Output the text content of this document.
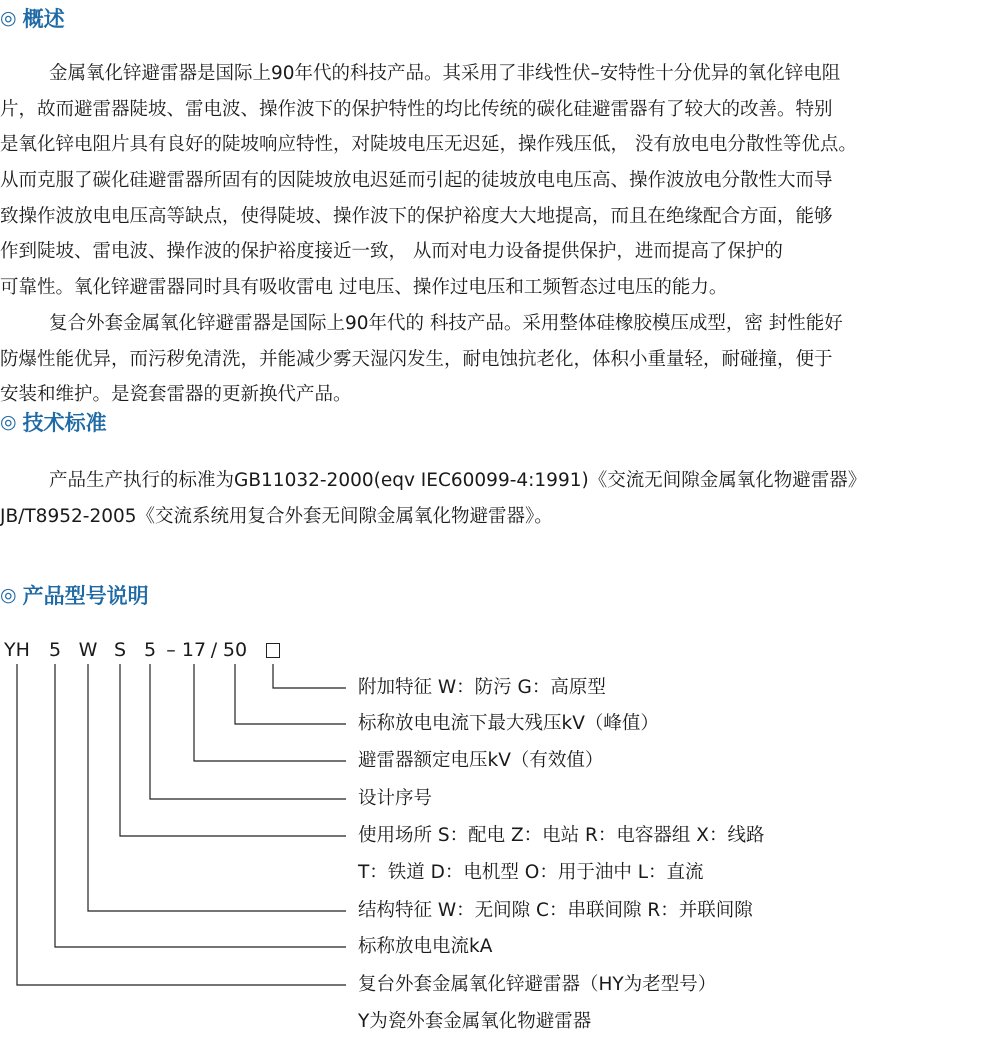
◎ 概述
金属氧化锌避雷器是国际上90年代的科技产品。其采用了非线性伏–安特性十分优异的氧化锌电阻
片，故而避雷器陡坡、雷电波、操作波下的保护特性的均比传统的碳化硅避雷器有了较大的改善。特别
是氧化锌电阻片具有良好的陡坡响应特性，对陡坡电压无迟延，操作残压低， 没有放电电分散性等优点。
从而克服了碳化硅避雷器所固有的因陡坡放电迟延而引起的徒坡放电电压高、操作波放电分散性大而导
致操作波放电电压高等缺点，使得陡坡、操作波下的保护裕度大大地提高，而且在绝缘配合方面，能够
作到陡坡、雷电波、操作波的保护裕度接近一致， 从而对电力设备提供保护，进而提高了保护的
可靠性。氧化锌避雷器同时具有吸收雷电 过电压、操作过电压和工频暂态过电压的能力。
复合外套金属氧化锌避雷器是国际上90年代的 科技产品。采用整体硅橡胶模压成型，密 封性能好
防爆性能优异，而污秽免清洗，并能减少雾天湿闪发生，耐电蚀抗老化，体积小重量轻，耐碰撞，便于
安装和维护。是瓷套雷器的更新换代产品。
◎ 技术标准
产品生产执行的标准为GB11032-2000(eqv IEC60099-4:1991)《交流无间隙金属氧化物避雷器》
JB/T8952-2005《交流系统用复合外套无间隙金属氧化物避雷器》。
◎ 产品型号说明
YH 5 W S 5 – 17 / 50
附加特征 W：防污 G：高原型
标称放电电流下最大残压kV（峰值）
避雷器额定电压kV（有效值）
设计序号
使用场所 S：配电 Z：电站 R：电容器组 X：线路
T：铁道 D：电机型 O：用于油中 L：直流
结构特征 W：无间隙 C：串联间隙 R：并联间隙
标称放电电流kA
复台外套金属氧化锌避雷器（HY为老型号）
Y为瓷外套金属氧化物避雷器
